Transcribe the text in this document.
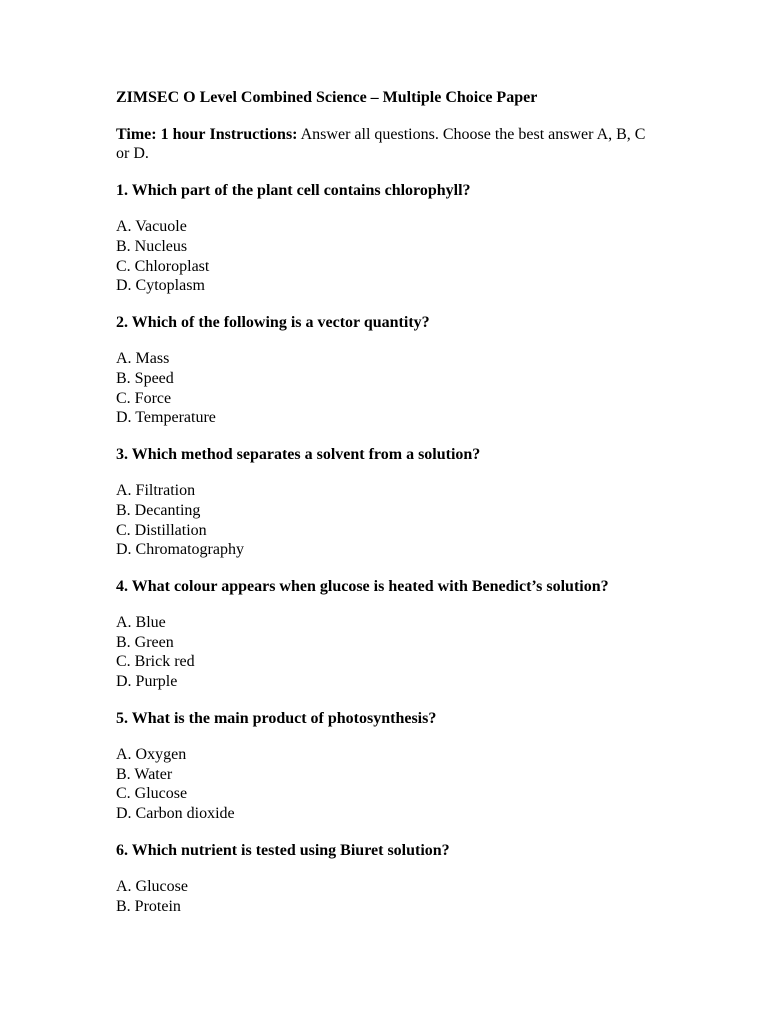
ZIMSEC O Level Combined Science – Multiple Choice Paper

Time: 1 hour Instructions: Answer all questions. Choose the best answer A, B, C or D.

1. Which part of the plant cell contains chlorophyll?

A. Vacuole

B. Nucleus

C. Chloroplast

D. Cytoplasm

2. Which of the following is a vector quantity?

A. Mass

B. Speed

C. Force

D. Temperature

3. Which method separates a solvent from a solution?

A. Filtration

B. Decanting

C. Distillation

D. Chromatography

4. What colour appears when glucose is heated with Benedict’s solution?

A. Blue

B. Green

C. Brick red

D. Purple

5. What is the main product of photosynthesis?

A. Oxygen

B. Water

C. Glucose

D. Carbon dioxide

6. Which nutrient is tested using Biuret solution?

A. Glucose

B. Protein
